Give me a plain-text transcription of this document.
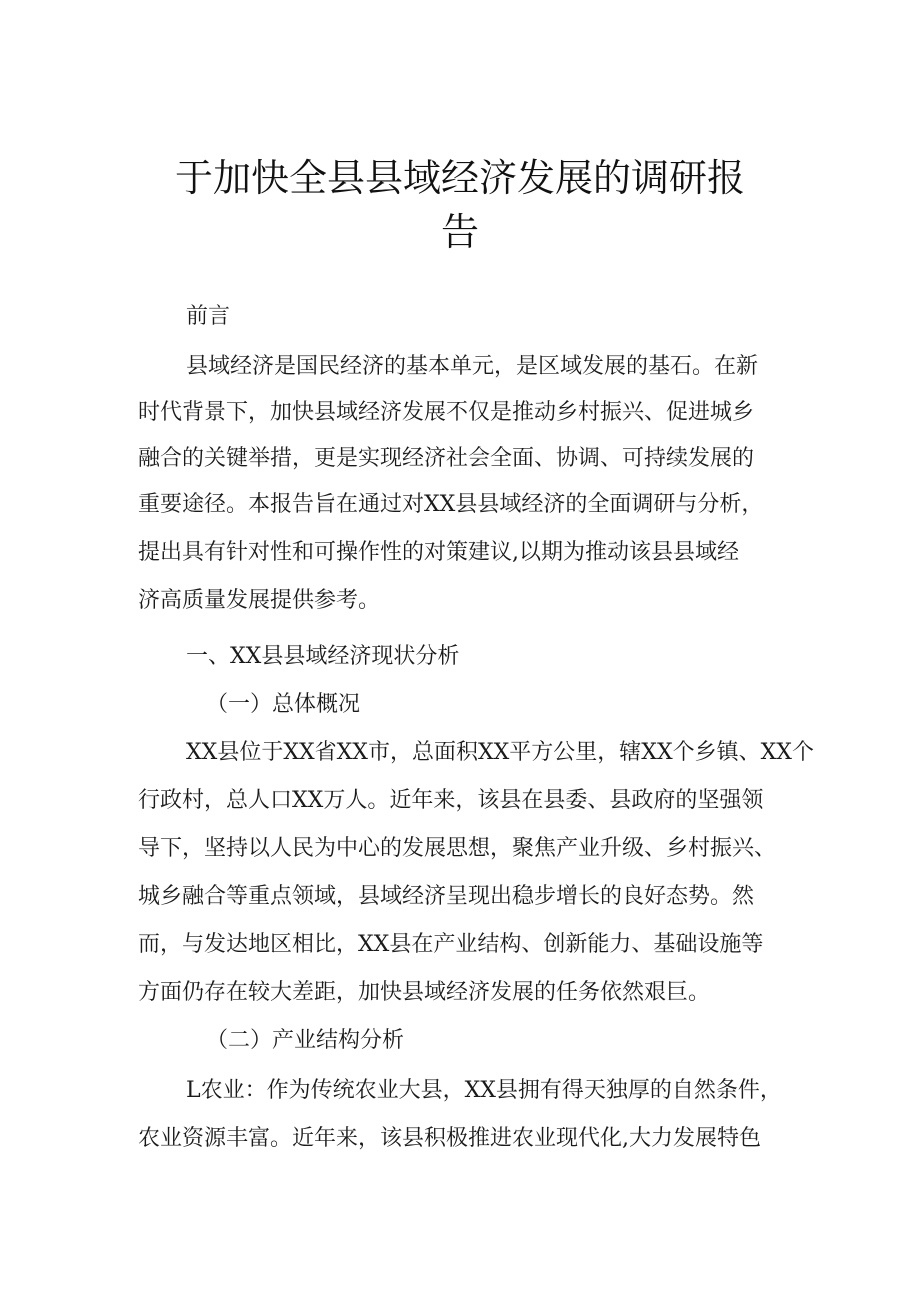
于加快全县县域经济发展的调研报
告
前言
县域经济是国民经济的基本单元，是区域发展的基石。在新
时代背景下，加快县域经济发展不仅是推动乡村振兴、促进城乡
融合的关键举措，更是实现经济社会全面、协调、可持续发展的
重要途径。本报告旨在通过对XX县县域经济的全面调研与分析，
提出具有针对性和可操作性的对策建议,以期为推动该县县域经
济高质量发展提供参考。
一、XX县县域经济现状分析
（一）总体概况
XX县位于XX省XX市，总面积XX平方公里，辖XX个乡镇、XX个
行政村，总人口XX万人。近年来，该县在县委、县政府的坚强领
导下，坚持以人民为中心的发展思想，聚焦产业升级、乡村振兴、
城乡融合等重点领域，县域经济呈现出稳步增长的良好态势。然
而，与发达地区相比，XX县在产业结构、创新能力、基础设施等
方面仍存在较大差距，加快县域经济发展的任务依然艰巨。
（二）产业结构分析
L农业：作为传统农业大县，XX县拥有得天独厚的自然条件，
农业资源丰富。近年来，该县积极推进农业现代化,大力发展特色
